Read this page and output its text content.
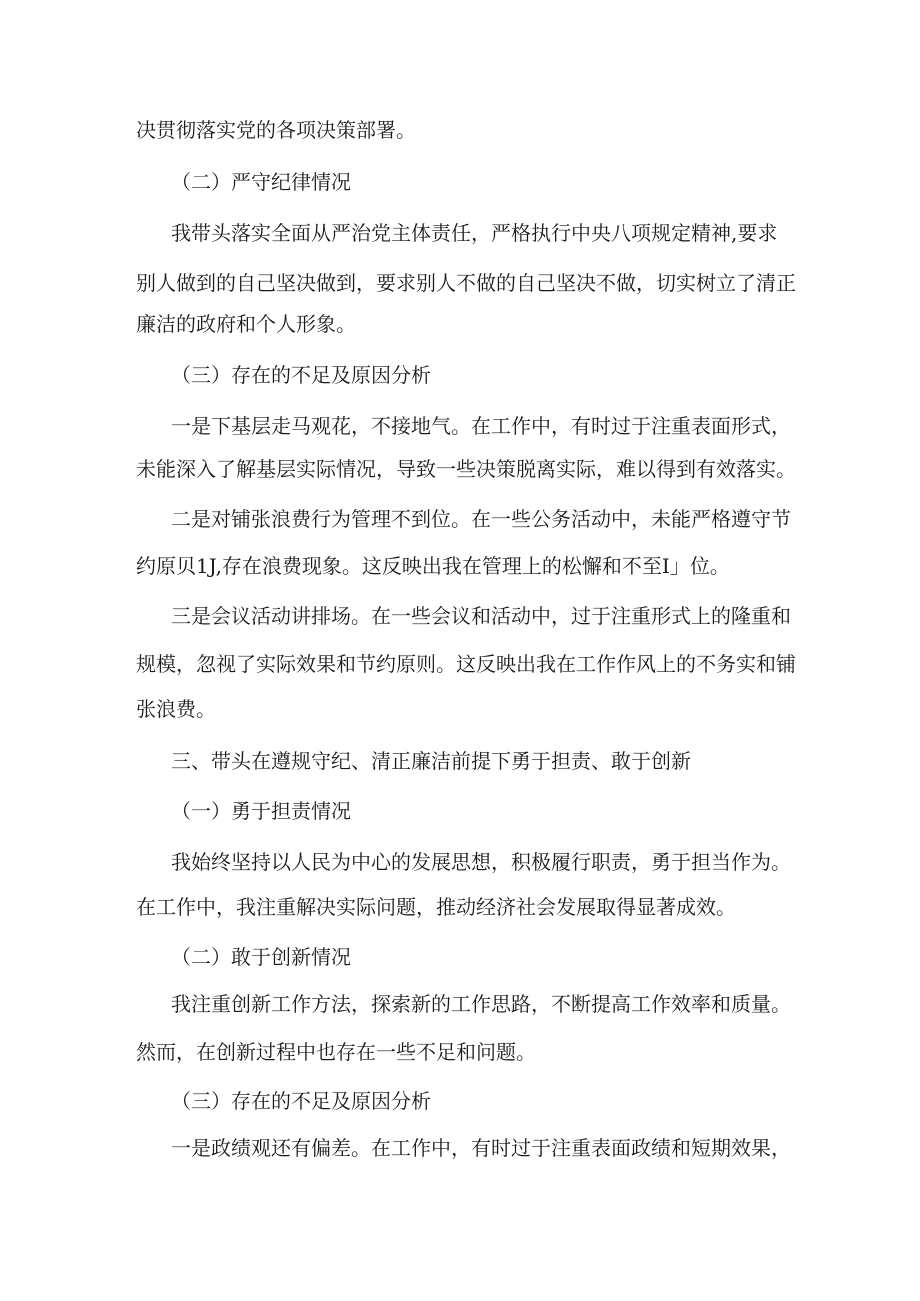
决贯彻落实党的各项决策部署。

（二）严守纪律情况

我带头落实全面从严治党主体责任，严格执行中央八项规定精神,要求

别人做到的自己坚决做到，要求别人不做的自己坚决不做，切实树立了清正

廉洁的政府和个人形象。

（三）存在的不足及原因分析

一是下基层走马观花，不接地气。在工作中，有时过于注重表面形式，

未能深入了解基层实际情况，导致一些决策脱离实际，难以得到有效落实。

二是对铺张浪费行为管理不到位。在一些公务活动中，未能严格遵守节

约原贝1J,存在浪费现象。这反映出我在管理上的松懈和不至I」位。

三是会议活动讲排场。在一些会议和活动中，过于注重形式上的隆重和

规模，忽视了实际效果和节约原则。这反映出我在工作作风上的不务实和铺

张浪费。

三、带头在遵规守纪、清正廉洁前提下勇于担责、敢于创新

（一）勇于担责情况

我始终坚持以人民为中心的发展思想，积极履行职责，勇于担当作为。

在工作中，我注重解决实际问题，推动经济社会发展取得显著成效。

（二）敢于创新情况

我注重创新工作方法，探索新的工作思路，不断提高工作效率和质量。

然而，在创新过程中也存在一些不足和问题。

（三）存在的不足及原因分析

一是政绩观还有偏差。在工作中，有时过于注重表面政绩和短期效果，
